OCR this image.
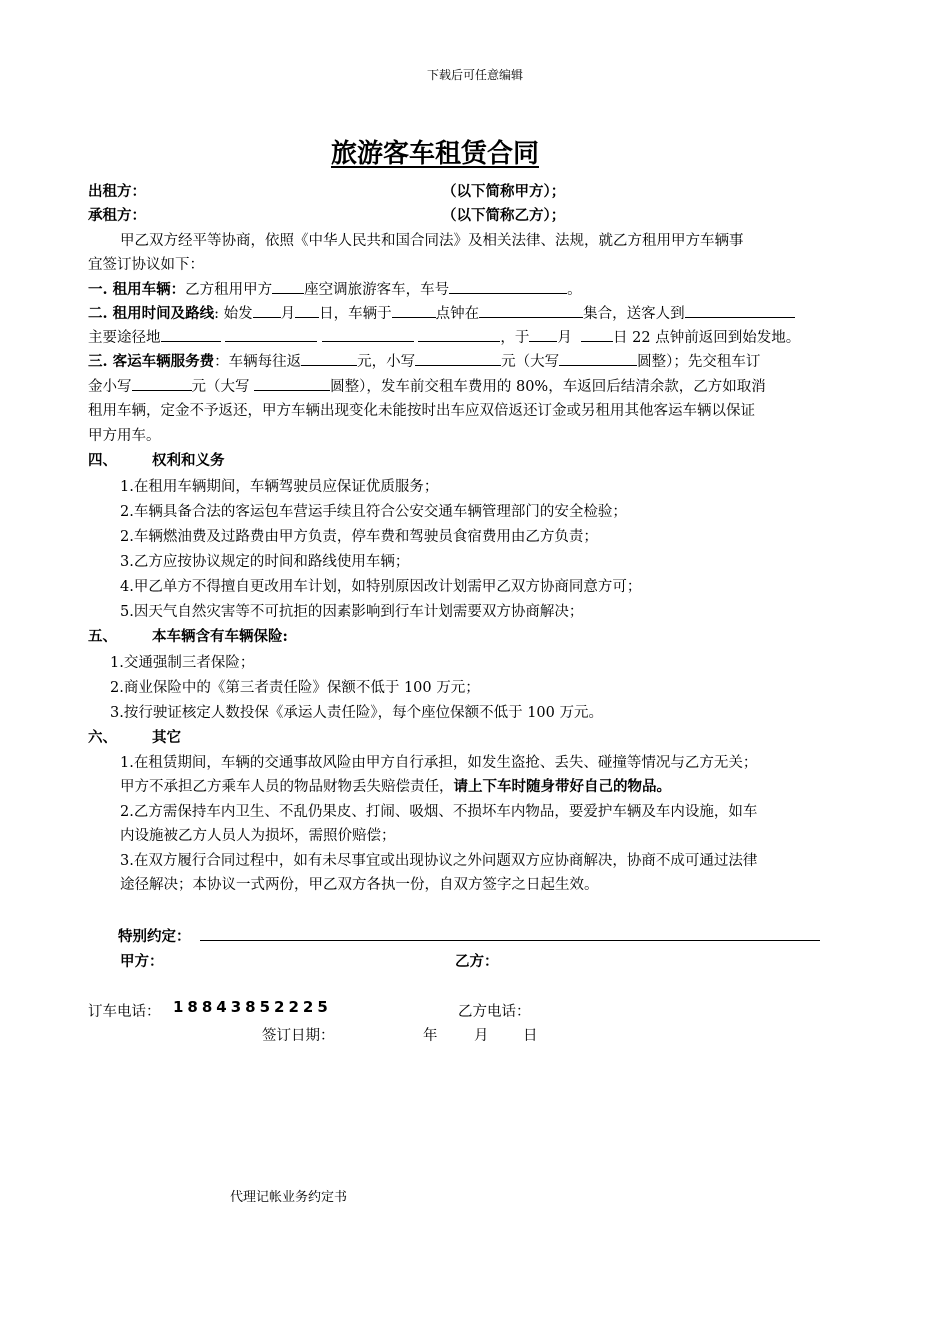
下载后可任意编辑
旅游客车租赁合同
出租方：	（以下简称甲方）；
承租方：	（以下简称乙方）；
甲乙双方经平等协商，依照《中华人民共和国合同法》及相关法律、法规，就乙方租用甲方车辆事
宜签订协议如下：
一. 租用车辆：乙方租用甲方 座空调旅游客车，车号	。
二. 租用时间及路线: 始发 月 日，车辆于	点钟在	集合，送客人到
主要途径地	，于 月	日 22 点钟前返回到始发地。
三. 客运车辆服务费：车辆每往返	元，小写	元（大写	圆整）；先交租车订
金小写	元（大写	圆整），发车前交租车费用的 80%，车返回后结清余款，乙方如取消
租用车辆，定金不予返还，甲方车辆出现变化未能按时出车应双倍返还订金或另租用其他客运车辆以保证
甲方用车。
四、 权利和义务
1.在租用车辆期间，车辆驾驶员应保证优质服务；
2.车辆具备合法的客运包车营运手续且符合公安交通车辆管理部门的安全检验；
2.车辆燃油费及过路费由甲方负责，停车费和驾驶员食宿费用由乙方负责；
3.乙方应按协议规定的时间和路线使用车辆；
4.甲乙单方不得擅自更改用车计划，如特别原因改计划需甲乙双方协商同意方可；
5.因天气自然灾害等不可抗拒的因素影响到行车计划需要双方协商解决；
五、 本车辆含有车辆保险:
1.交通强制三者保险；
2.商业保险中的《第三者责任险》保额不低于 100 万元；
3.按行驶证核定人数投保《承运人责任险》，每个座位保额不低于 100 万元。
六、 其它
1.在租赁期间，车辆的交通事故风险由甲方自行承担，如发生盗抢、丢失、碰撞等情况与乙方无关；
甲方不承担乙方乘车人员的物品财物丢失赔偿责任，请上下车时随身带好自己的物品。
2.乙方需保持车内卫生、不乱仍果皮、打闹、吸烟、不损坏车内物品，要爱护车辆及车内设施，如车
内设施被乙方人员人为损坏，需照价赔偿；
3.在双方履行合同过程中，如有未尽事宜或出现协议之外问题双方应协商解决，协商不成可通过法律
途径解决；本协议一式两份，甲乙双方各执一份，自双方签字之日起生效。
特别约定：
甲方：	乙方：
订车电话： 18843852225	乙方电话：
签订日期：	年	月 日
代理记帐业务约定书
